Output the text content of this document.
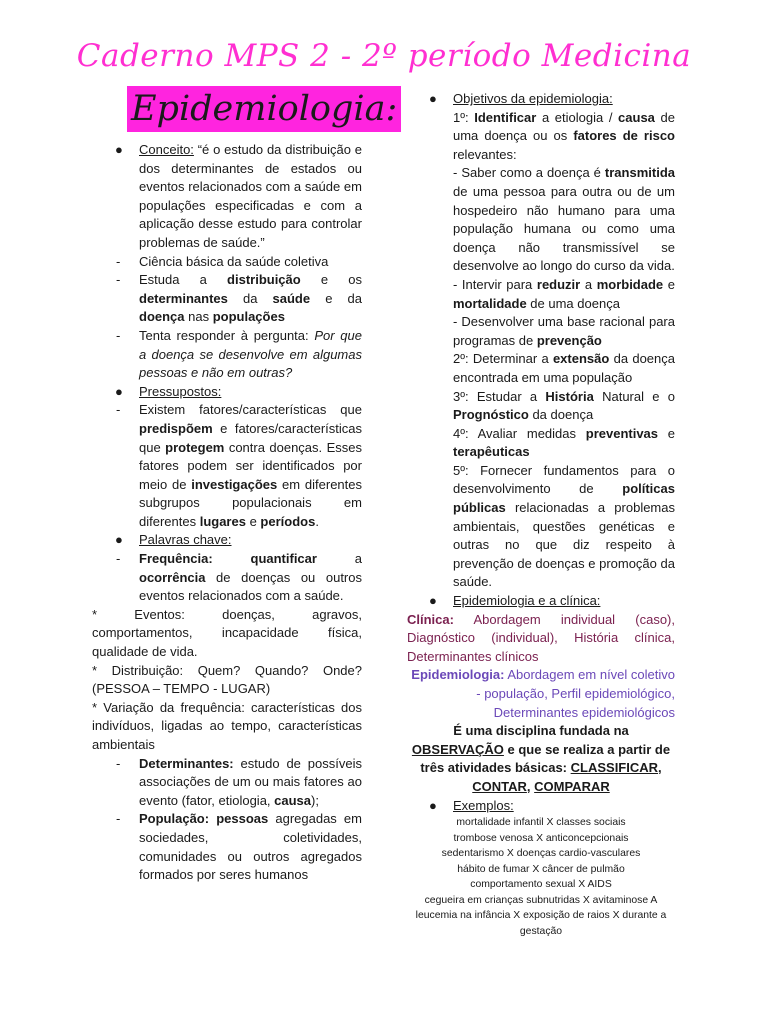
Caderno MPS 2 - 2º período Medicina
Epidemiologia:

● Conceito: “é o estudo da distribuição e dos determinantes de estados ou eventos relacionados com a saúde em populações especificadas e com a aplicação desse estudo para controlar problemas de saúde.”

- Ciência básica da saúde coletiva

- Estuda a distribuição e os determinantes da saúde e da doença nas populações

- Tenta responder à pergunta: Por que a doença se desenvolve em algumas pessoas e não em outras?

● Pressupostos:

- Existem fatores/características que predispõem e fatores/características que protegem contra doenças. Esses fatores podem ser identificados por meio de investigações em diferentes subgrupos populacionais em diferentes lugares e períodos.

● Palavras chave:

- Frequência:	quantificar a ocorrência de doenças ou outros eventos relacionados com a saúde.

* Eventos: doenças, agravos, comportamentos, incapacidade física, qualidade de vida.

* Distribuição: Quem? Quando? Onde? (PESSOA – TEMPO - LUGAR)

* Variação da frequência: características dos indivíduos, ligadas ao tempo, características ambientais

- Determinantes: estudo de possíveis associações de um ou mais fatores ao evento (fator, etiologia, causa);

- População: pessoas agregadas em sociedades, coletividades, comunidades ou outros agregados formados por seres humanos

● Objetivos da epidemiologia:

1º: Identificar a etiologia / causa de uma doença ou os fatores de risco relevantes:

- Saber como a doença é transmitida de uma pessoa para outra ou de um hospedeiro não humano para uma população humana ou como uma doença não transmissível se desenvolve ao longo do curso da vida.

- Intervir para reduzir a morbidade e mortalidade de uma doença

- Desenvolver uma base racional para programas de prevenção

2º: Determinar a extensão da doença encontrada em uma população

3º: Estudar a História Natural e o Prognóstico da doença

4º: Avaliar medidas preventivas e terapêuticas

5º: Fornecer fundamentos para o desenvolvimento de políticas públicas relacionadas a problemas ambientais, questões genéticas e outras no que diz respeito à prevenção de doenças e promoção da saúde.

● Epidemiologia e a clínica:

Clínica: Abordagem individual (caso), Diagnóstico (individual), História clínica, Determinantes clínicos

Epidemiologia: Abordagem em nível coletivo - população, Perfil epidemiológico, Determinantes epidemiológicos

É uma disciplina fundada na OBSERVAÇÃO e que se realiza a partir de três atividades básicas: CLASSIFICAR, CONTAR, COMPARAR

● Exemplos:

mortalidade infantil X classes sociais

trombose venosa X anticoncepcionais

sedentarismo X doenças cardio-vasculares

hábito de fumar X câncer de pulmão

comportamento sexual X AIDS

cegueira em crianças subnutridas X avitaminose A

leucemia na infância X exposição de raios X durante a gestação
